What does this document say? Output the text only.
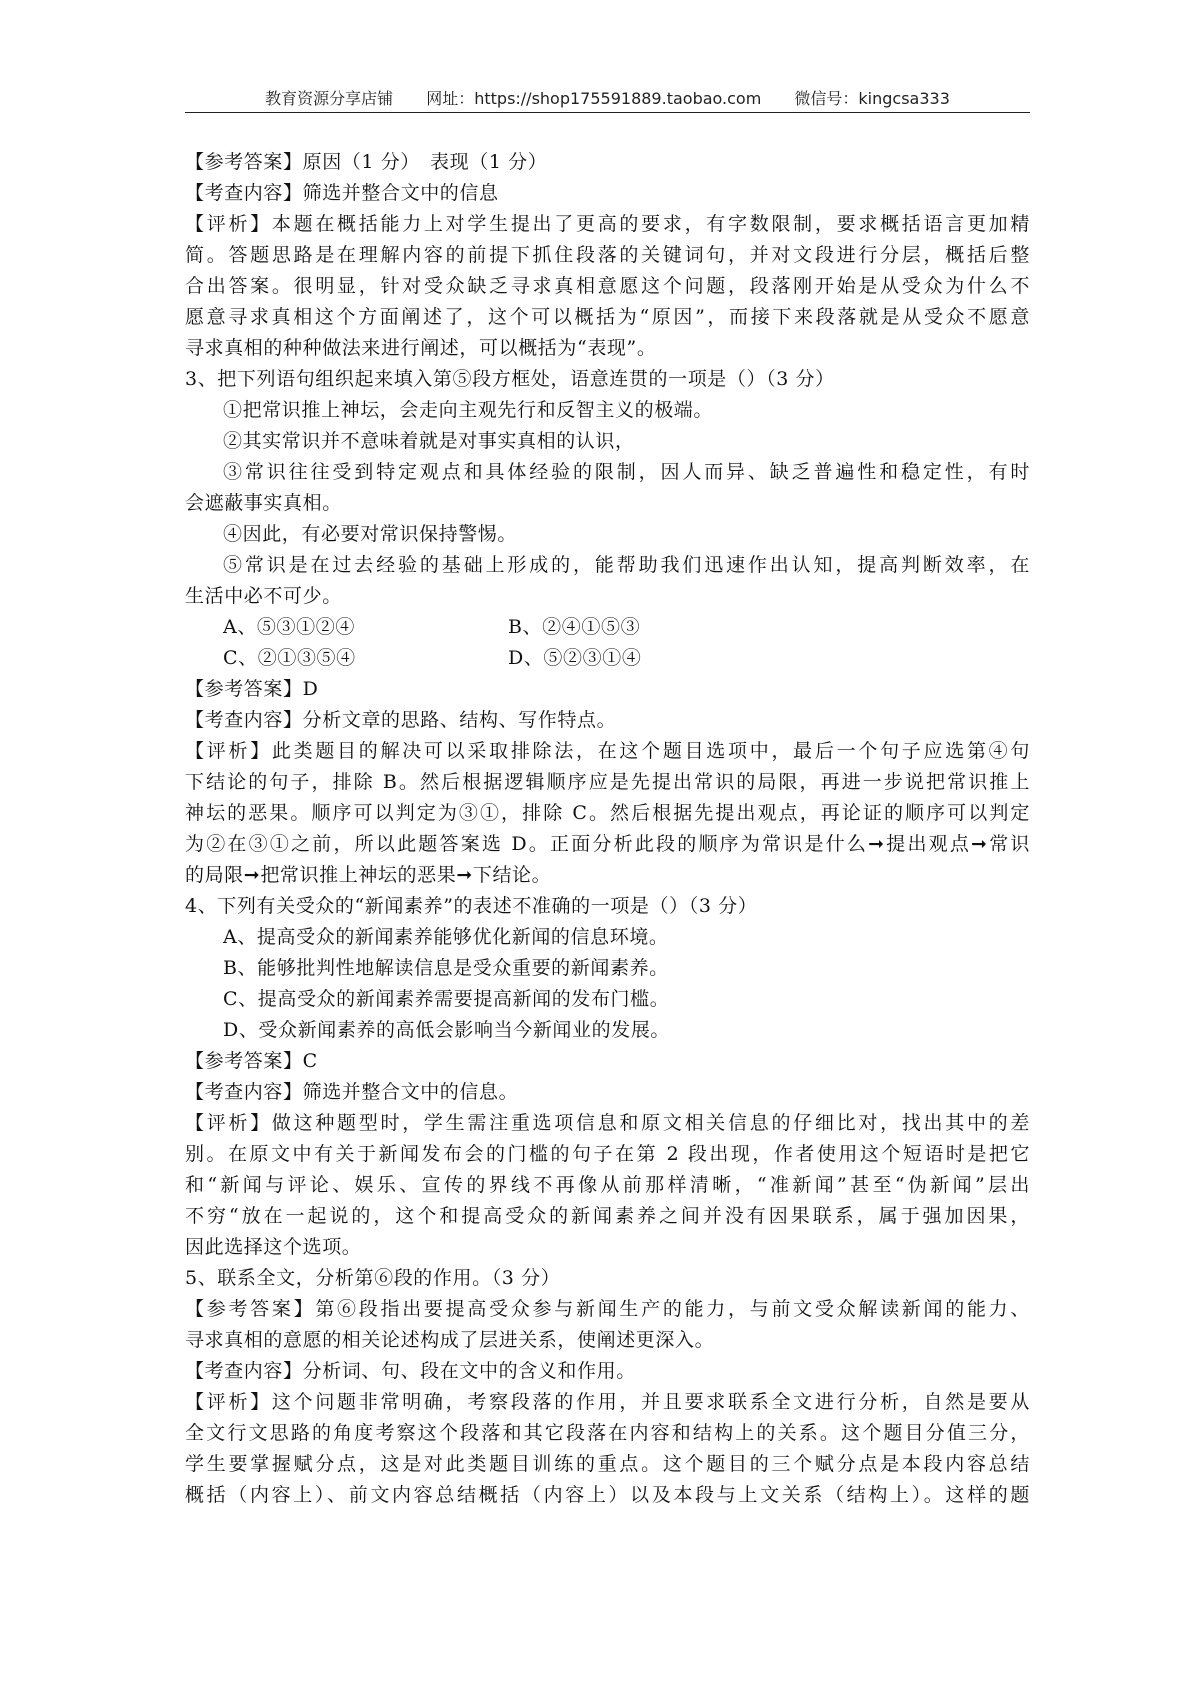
教育资源分享店铺 网址：https://shop175591889.taobao.com 微信号：kingcsa333
【参考答案】原因（1 分）　表现（1 分）
【考查内容】筛选并整合文中的信息
【评析】本题在概括能力上对学生提出了更高的要求，有字数限制，要求概括语言更加精
简。答题思路是在理解内容的前提下抓住段落的关键词句，并对文段进行分层，概括后整
合出答案。很明显，针对受众缺乏寻求真相意愿这个问题，段落刚开始是从受众为什么不
愿意寻求真相这个方面阐述了，这个可以概括为“原因”，而接下来段落就是从受众不愿意
寻求真相的种种做法来进行阐述，可以概括为“表现”。
3、把下列语句组织起来填入第⑤段方框处，语意连贯的一项是（）（3 分）
①把常识推上神坛，会走向主观先行和反智主义的极端。
②其实常识并不意味着就是对事实真相的认识，
③常识往往受到特定观点和具体经验的限制，因人而异、缺乏普遍性和稳定性，有时
会遮蔽事实真相。
④因此，有必要对常识保持警惕。
⑤常识是在过去经验的基础上形成的，能帮助我们迅速作出认知，提高判断效率，在
生活中必不可少。
A、⑤③①②④	B、②④①⑤③
C、②①③⑤④	D、⑤②③①④
【参考答案】D
【考查内容】分析文章的思路、结构、写作特点。
【评析】此类题目的解决可以采取排除法，在这个题目选项中，最后一个句子应选第④句
下结论的句子，排除 B。然后根据逻辑顺序应是先提出常识的局限，再进一步说把常识推上
神坛的恶果。顺序可以判定为③①，排除 C。然后根据先提出观点，再论证的顺序可以判定
为②在③①之前，所以此题答案选 D。正面分析此段的顺序为常识是什么➞提出观点➞常识
的局限➞把常识推上神坛的恶果➞下结论。
4、下列有关受众的“新闻素养”的表述不准确的一项是（）（3 分）
A、提高受众的新闻素养能够优化新闻的信息环境。
B、能够批判性地解读信息是受众重要的新闻素养。
C、提高受众的新闻素养需要提高新闻的发布门槛。
D、受众新闻素养的高低会影响当今新闻业的发展。
【参考答案】C
【考查内容】筛选并整合文中的信息。
【评析】做这种题型时，学生需注重选项信息和原文相关信息的仔细比对，找出其中的差
别。在原文中有关于新闻发布会的门槛的句子在第 2 段出现，作者使用这个短语时是把它
和“新闻与评论、娱乐、宣传的界线不再像从前那样清晰，“准新闻”甚至“伪新闻”层出
不穷“放在一起说的，这个和提高受众的新闻素养之间并没有因果联系，属于强加因果，
因此选择这个选项。
5、联系全文，分析第⑥段的作用。（3 分）
【参考答案】第⑥段指出要提高受众参与新闻生产的能力，与前文受众解读新闻的能力、
寻求真相的意愿的相关论述构成了层进关系，使阐述更深入。
【考查内容】分析词、句、段在文中的含义和作用。
【评析】这个问题非常明确，考察段落的作用，并且要求联系全文进行分析，自然是要从
全文行文思路的角度考察这个段落和其它段落在内容和结构上的关系。这个题目分值三分，
学生要掌握赋分点，这是对此类题目训练的重点。这个题目的三个赋分点是本段内容总结
概括（内容上）、前文内容总结概括（内容上）以及本段与上文关系（结构上）。这样的题
